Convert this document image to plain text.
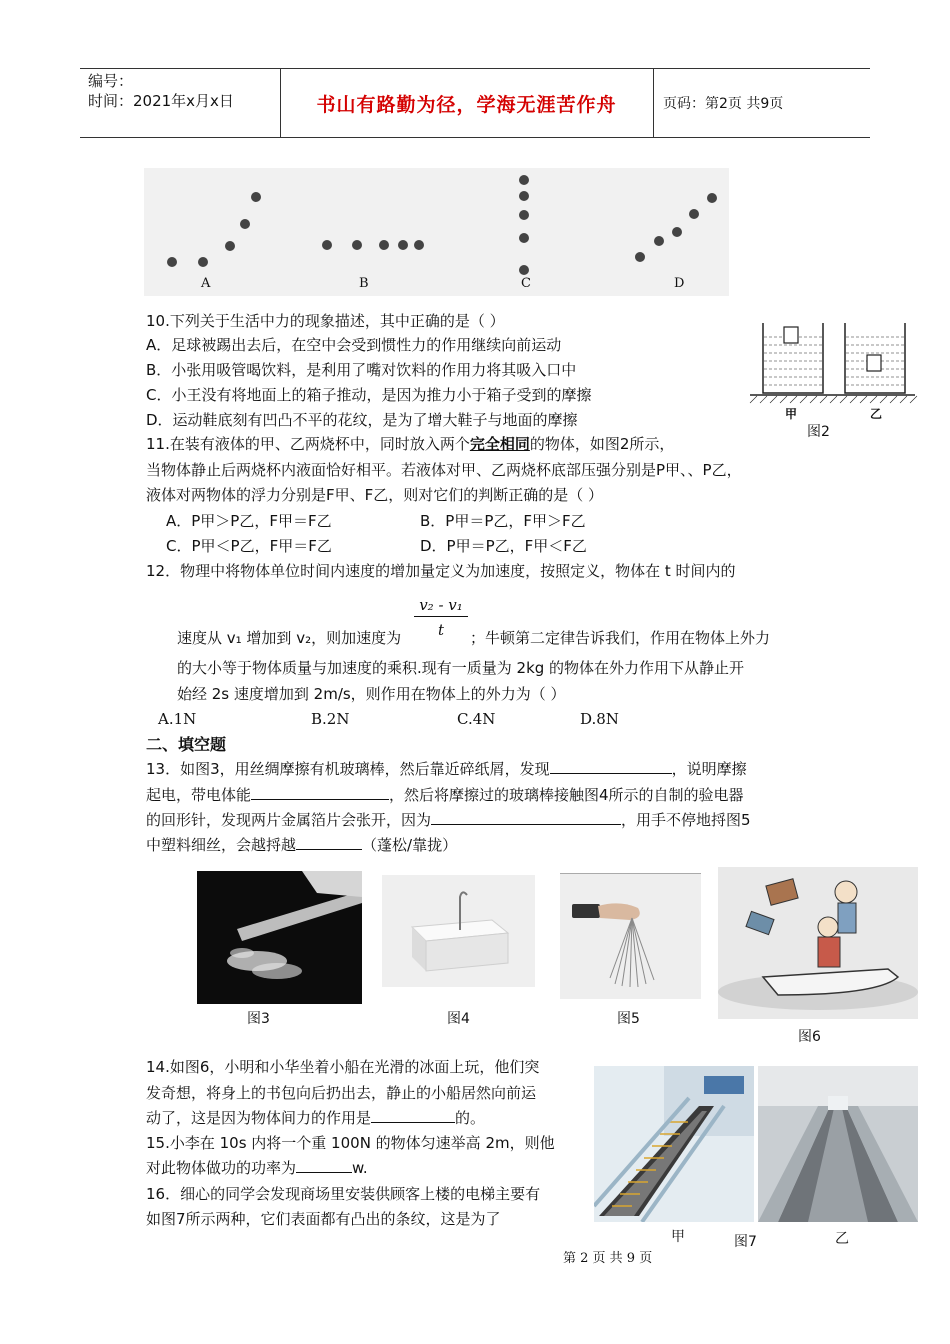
编号：
时间：2021年x月x日	书山有路勤为径，学海无涯苦作舟	页码：第2页 共9页
A	B	C	D
10.下列关于生活中力的现象描述，其中正确的是（ ）
A．足球被踢出去后，在空中会受到惯性力的作用继续向前运动
B．小张用吸管喝饮料，是利用了嘴对饮料的作用力将其吸入口中
C．小王没有将地面上的箱子推动，是因为推力小于箱子受到的摩擦
D．运动鞋底刻有凹凸不平的花纹，是为了增大鞋子与地面的摩擦	甲	乙
图2
11.在装有液体的甲、乙两烧杯中，同时放入两个完全相同的物体，如图2所示，
当物体静止后两烧杯内液面恰好相平。若液体对甲、乙两烧杯底部压强分别是P甲、、P乙，
液体对两物体的浮力分别是F甲、F乙，则对它们的判断正确的是（ ）
A．P甲＞P乙，F甲＝F乙	B．P甲＝P乙，F甲＞F乙
C．P甲＜P乙，F甲＝F乙	D．P甲＝P乙，F甲＜F乙
12．物理中将物体单位时间内速度的增加量定义为加速度，按照定义，物体在 t 时间内的
$\frac{\text{v₂ - v₁}}{t}$
速度从 v₁ 增加到 v₂，则加速度为	；牛顿第二定律告诉我们，作用在物体上外力
的大小等于物体质量与加速度的乘积.现有一质量为 2kg 的物体在外力作用下从静止开
始经 2s 速度增加到 2m/s，则作用在物体上的外力为（ ）
A.1N	B.2N	C.4N	D.8N
二、填空题
13．如图3，用丝绸摩擦有机玻璃棒，然后靠近碎纸屑，发现	，说明摩擦
起电，带电体能	，然后将摩擦过的玻璃棒接触图4所示的自制的验电器
的回形针，发现两片金属箔片会张开，因为	，用手不停地捋图5
中塑料细丝，会越捋越	（蓬松/靠拢）
图3	图4	图5
图6
14.如图6，小明和小华坐着小船在光滑的冰面上玩，他们突
发奇想，将身上的书包向后扔出去，静止的小船居然向前运
动了，这是因为物体间力的作用是	的。
15.小李在 10s 内将一个重 100N 的物体匀速举高 2m，则他
对此物体做功的功率为	w.
16．细心的同学会发现商场里安装供顾客上楼的电梯主要有
如图7所示两种，它们表面都有凸出的条纹，这是为了
甲	图7	乙
第 2 页 共 9 页
